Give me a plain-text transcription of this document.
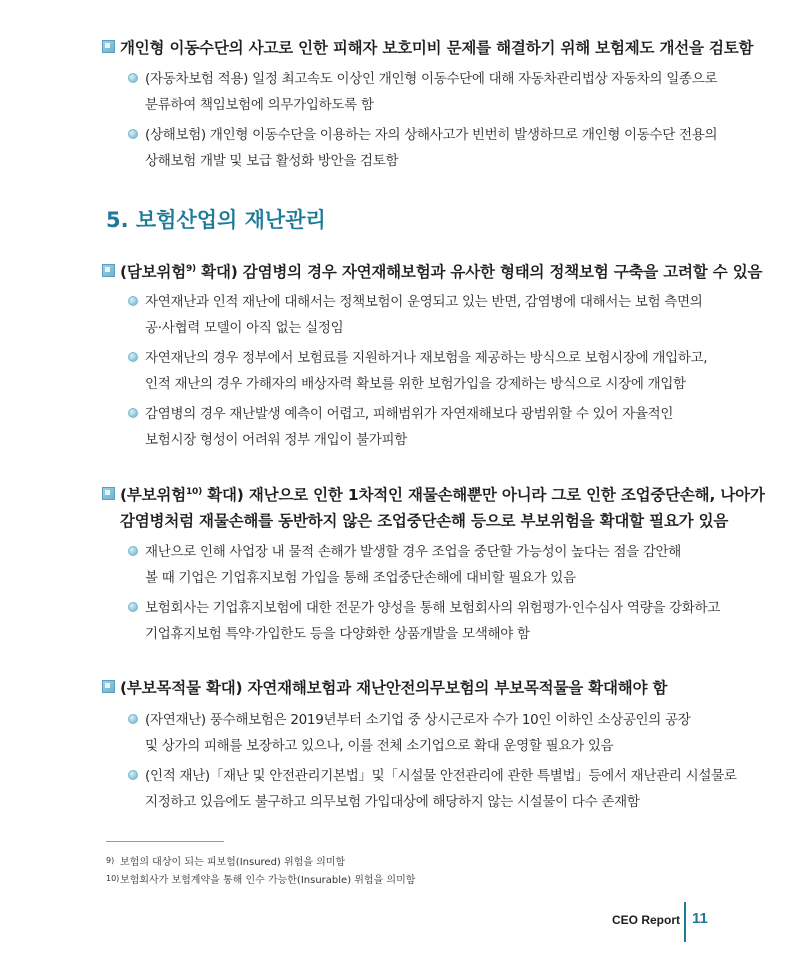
개인형 이동수단의 사고로 인한 피해자 보호미비 문제를 해결하기 위해 보험제도 개선을 검토함
(자동차보험 적용) 일정 최고속도 이상인 개인형 이동수단에 대해 자동차관리법상 자동차의 일종으로
분류하여 책임보험에 의무가입하도록 함
(상해보험) 개인형 이동수단을 이용하는 자의 상해사고가 빈번히 발생하므로 개인형 이동수단 전용의
상해보험 개발 및 보급 활성화 방안을 검토함
5. 보험산업의 재난관리
(담보위험$^{9)}$ 확대) 감염병의 경우 자연재해보험과 유사한 형태의 정책보험 구축을 고려할 수 있음
자연재난과 인적 재난에 대해서는 정책보험이 운영되고 있는 반면, 감염병에 대해서는 보험 측면의
공·사협력 모델이 아직 없는 실정임
자연재난의 경우 정부에서 보험료를 지원하거나 재보험을 제공하는 방식으로 보험시장에 개입하고,
인적 재난의 경우 가해자의 배상자력 확보를 위한 보험가입을 강제하는 방식으로 시장에 개입함
감염병의 경우 재난발생 예측이 어렵고, 피해범위가 자연재해보다 광범위할 수 있어 자율적인
보험시장 형성이 어려워 정부 개입이 불가피함
(부보위험$^{10)}$ 확대) 재난으로 인한 1차적인 재물손해뿐만 아니라 그로 인한 조업중단손해, 나아가
감염병처럼 재물손해를 동반하지 않은 조업중단손해 등으로 부보위험을 확대할 필요가 있음
재난으로 인해 사업장 내 물적 손해가 발생할 경우 조업을 중단할 가능성이 높다는 점을 감안해
볼 때 기업은 기업휴지보험 가입을 통해 조업중단손해에 대비할 필요가 있음
보험회사는 기업휴지보험에 대한 전문가 양성을 통해 보험회사의 위험평가·인수심사 역량을 강화하고
기업휴지보험 특약·가입한도 등을 다양화한 상품개발을 모색해야 함
(부보목적물 확대) 자연재해보험과 재난안전의무보험의 부보목적물을 확대해야 함
(자연재난) 풍수해보험은 2019년부터 소기업 중 상시근로자 수가 10인 이하인 소상공인의 공장
및 상가의 피해를 보장하고 있으나, 이를 전체 소기업으로 확대 운영할 필요가 있음
(인적 재난)「재난 및 안전관리기본법」및「시설물 안전관리에 관한 특별법」등에서 재난관리 시설물로
지정하고 있음에도 불구하고 의무보험 가입대상에 해당하지 않는 시설물이 다수 존재함
9) 보험의 대상이 되는 피보험(Insured) 위험을 의미함
10)보험회사가 보험계약을 통해 인수 가능한(Insurable) 위험을 의미함
CEO Report 11
